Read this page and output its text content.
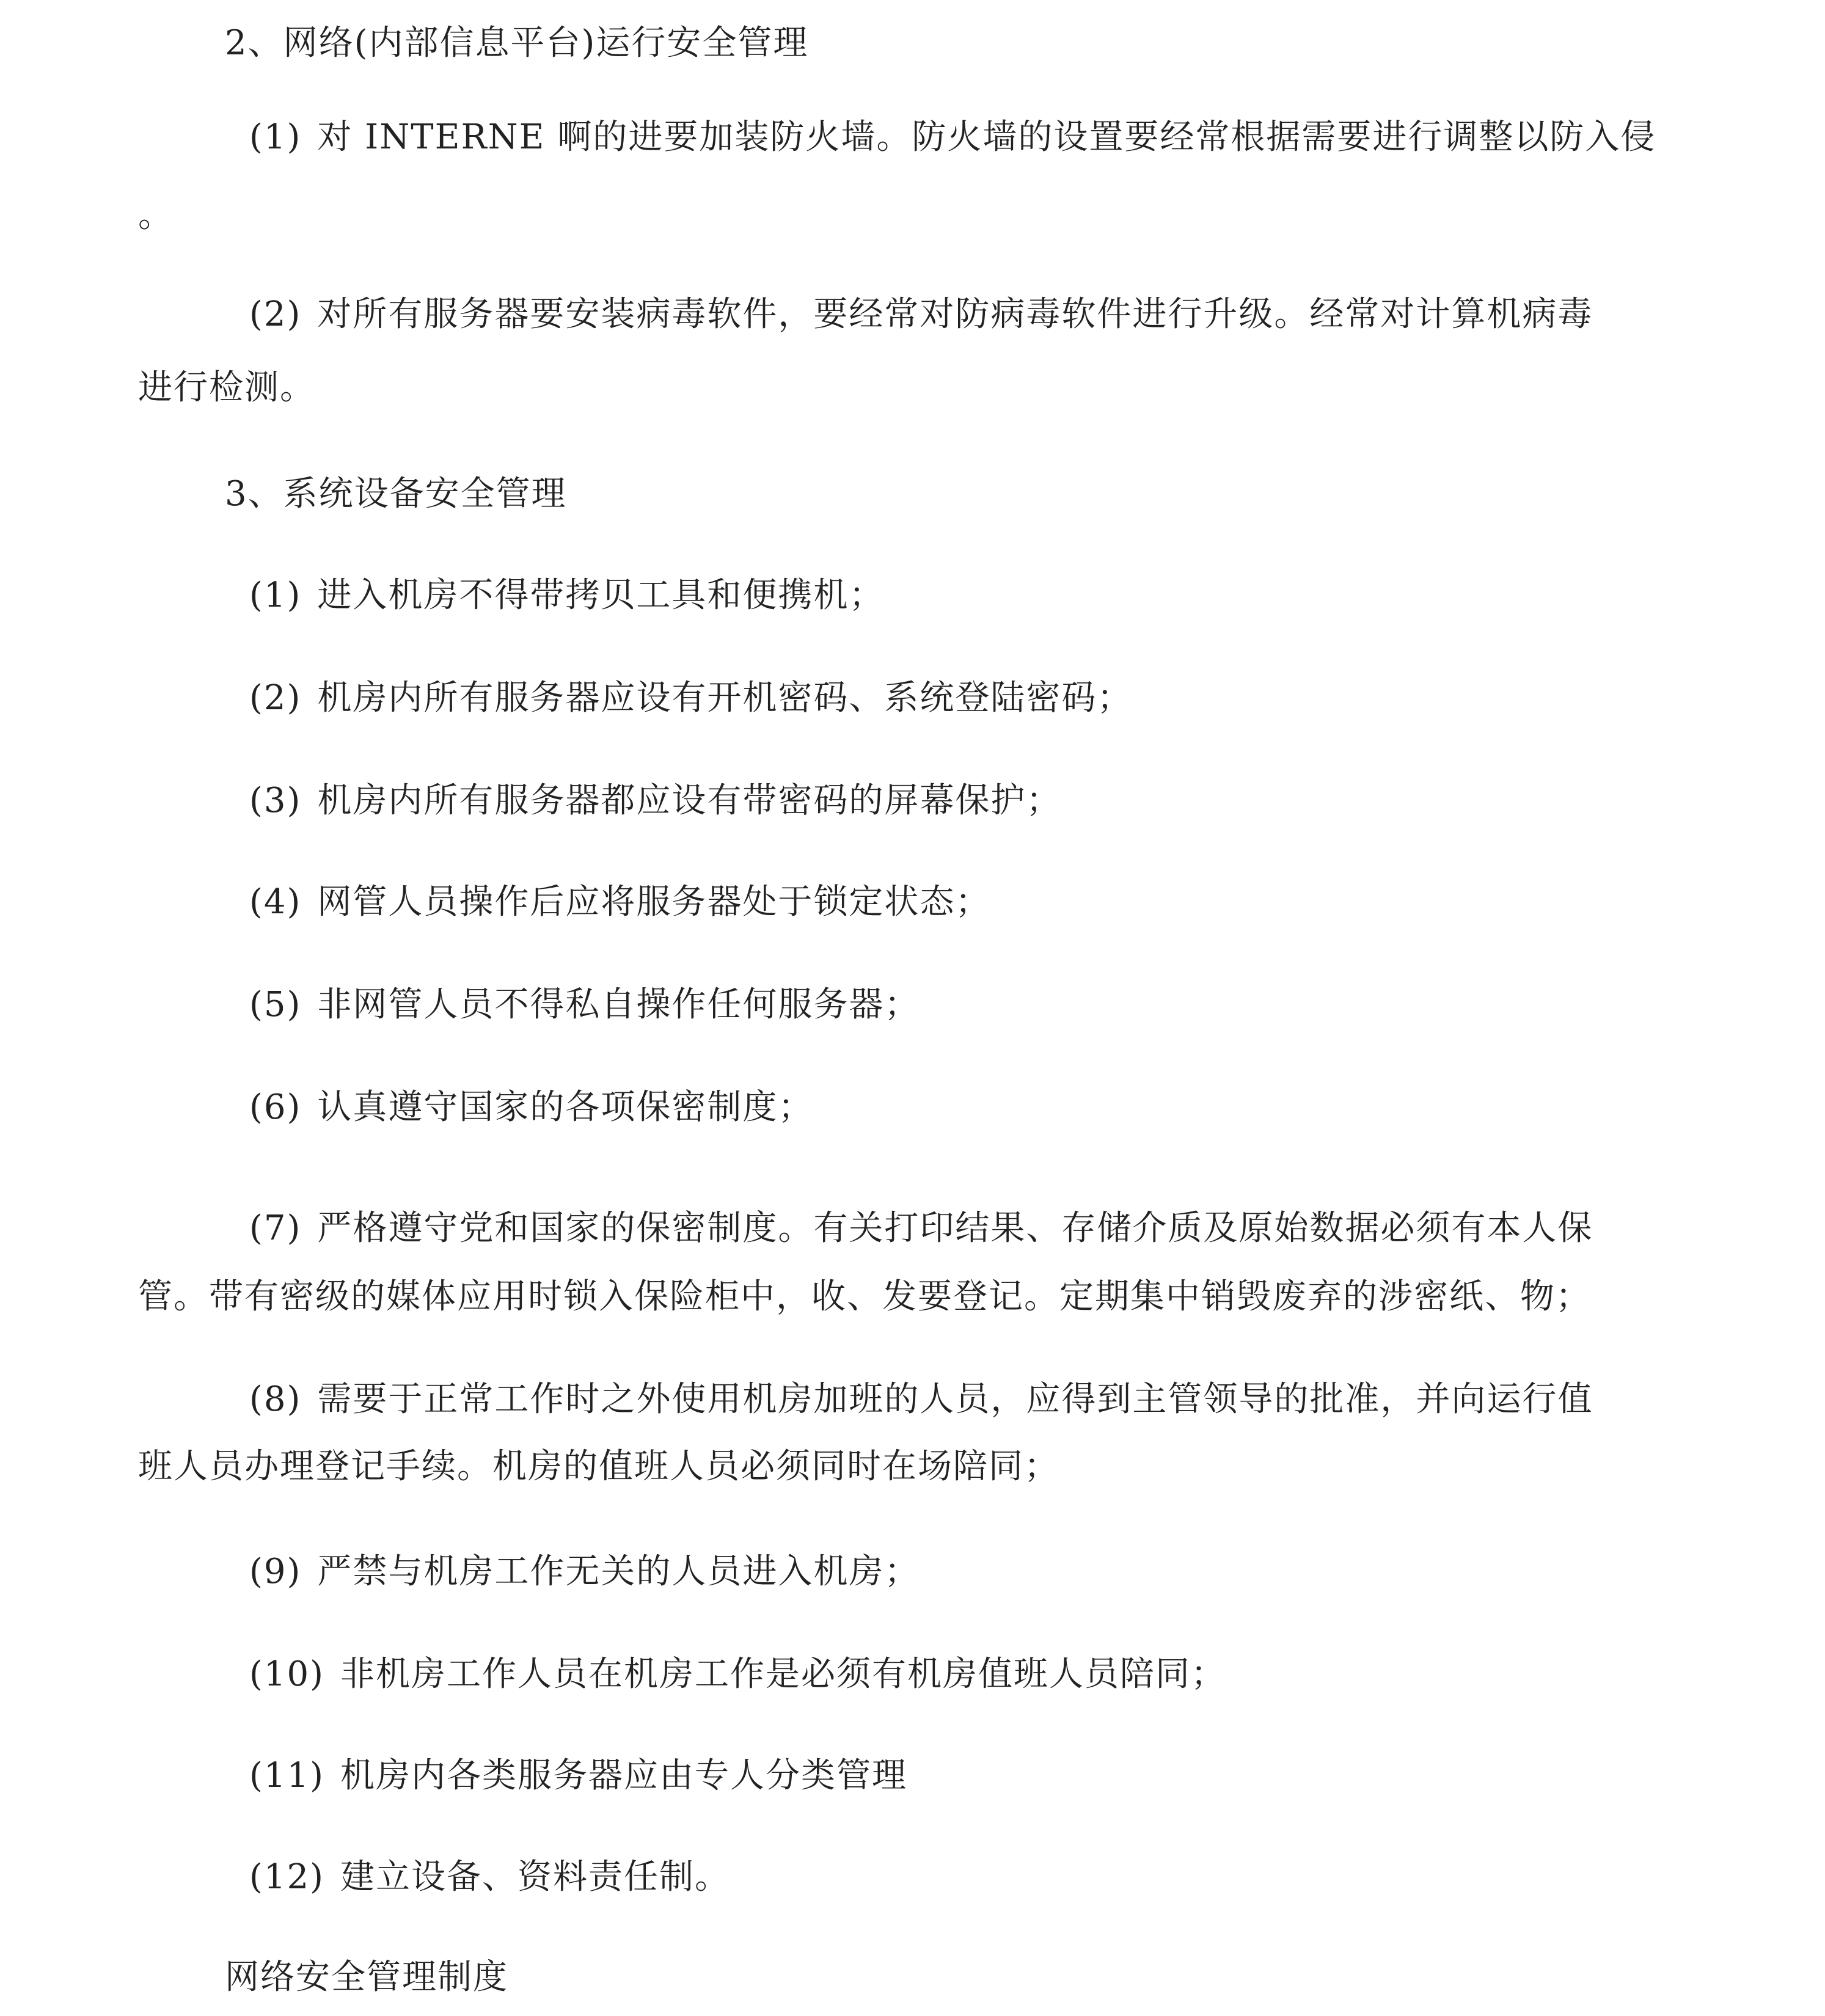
2、网络(内部信息平台)运行安全管理
(1) 对 INTERNE 啊的进要加装防火墙。防火墙的设置要经常根据需要进行调整以防入侵
。
(2) 对所有服务器要安装病毒软件，要经常对防病毒软件进行升级。经常对计算机病毒
进行检测。
3、系统设备安全管理
(1) 进入机房不得带拷贝工具和便携机；
(2) 机房内所有服务器应设有开机密码、系统登陆密码；
(3) 机房内所有服务器都应设有带密码的屏幕保护；
(4) 网管人员操作后应将服务器处于锁定状态；
(5) 非网管人员不得私自操作任何服务器；
(6) 认真遵守国家的各项保密制度；
(7) 严格遵守党和国家的保密制度。有关打印结果、存储介质及原始数据必须有本人保
管。带有密级的媒体应用时锁入保险柜中，收、发要登记。定期集中销毁废弃的涉密纸、物；
(8) 需要于正常工作时之外使用机房加班的人员，应得到主管领导的批准，并向运行值
班人员办理登记手续。机房的值班人员必须同时在场陪同；
(9) 严禁与机房工作无关的人员进入机房；
(10) 非机房工作人员在机房工作是必须有机房值班人员陪同；
(11) 机房内各类服务器应由专人分类管理
(12) 建立设备、资料责任制。
网络安全管理制度
